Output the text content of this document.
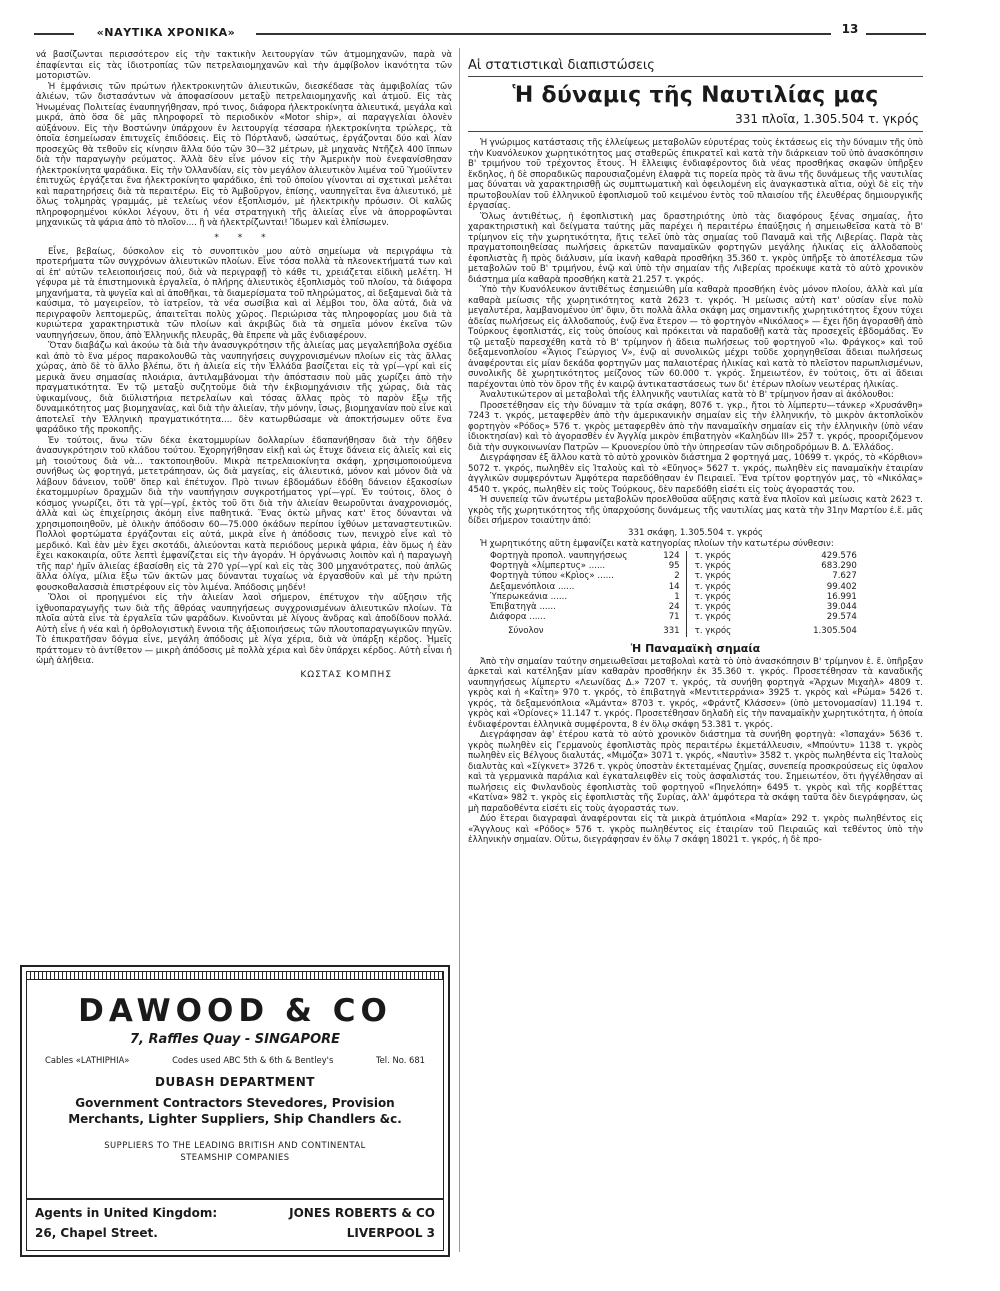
«ΝΑΥΤΙΚΑ ΧΡΟΝΙΚΑ»	13

νά βασίζωνται περισσότερον εἰς τὴν τακτικὴν λειτουργίαν τῶν ἀτμομηχανῶν, παρὰ νὰ ἐπαφίενται εἰς τὰς ἰδιοτροπίας τῶν πετρελαιομηχανῶν καὶ τὴν ἀμφίβολον ἱκανότητα τῶν μοτοριστῶν.

Ἡ ἐμφάνισις τῶν πρώτων ἠλεκτροκινητῶν ἁλιευτικῶν, διεσκέδασε τὰς ἀμφιβολίας τῶν ἁλιέων, τῶν διστασάντων νὰ ἀποφασίσουν μεταξὺ πετρελαιομηχανῆς καὶ ἀτμοῦ. Εἰς τὰς Ἡνωμένας Πολιτείας ἐναυπηγήθησαν, πρό τινος, διάφορα ἠλεκτροκίνητα ἁλιευτικά, μεγάλα καὶ μικρά, ἀπὸ ὅσα δὲ μᾶς πληροφορεῖ τὸ περιοδικὸν «Motor ship», αἱ παραγγελίαι ὁλονὲν αὐξάνουν. Εἰς τὴν Βοστώνην ὑπάρχουν ἐν λειτουργίᾳ τέσσαρα ἠλεκτροκίνητα τρώλερς, τὰ ὁποῖα ἐσημείωσαν ἐπιτυχεῖς ἐπιδόσεις. Εἰς τὸ Πόρτλανδ, ὡσαύτως, ἐργάζονται δύο καὶ λίαν προσεχῶς θὰ τεθοῦν εἰς κίνησιν ἄλλα δύο τῶν 30—32 μέτρων, μὲ μηχανὰς Ντῆζελ 400 ἵππων διὰ τὴν παραγωγὴν ρεύματος. Ἀλλὰ δὲν εἶνε μόνον εἰς τὴν Ἀμερικὴν ποὺ ἐνεφανίσθησαν ἠλεκτροκίνητα ψαράδικα. Εἰς τὴν Ὁλλανδίαν, εἰς τὸν μεγάλον ἁλιευτικὸν λιμένα τοῦ Ὑμούϊντεν ἐπιτυχῶς ἐργάζεται ἕνα ἠλεκτροκίνητο ψαράδικο, ἐπὶ τοῦ ὁποίου γίνονται αἱ σχετικαὶ μελέται καὶ παρατηρήσεις διὰ τὰ περαιτέρω. Εἰς τὸ Ἀμβοῦργον, ἐπίσης, ναυπηγεῖται ἕνα ἁλιευτικό, μὲ ὅλως τολμηρὰς γραμμάς, μὲ τελείως νέον ἐξοπλισμόν, μὲ ἠλεκτρικὴν πρόωσιν. Οἱ καλῶς πληροφορημένοι κύκλοι λέγουν, ὅτι ἡ νέα στρατηγικὴ τῆς ἁλιείας εἶνε νὰ ἀπορροφῶνται μηχανικῶς τὰ ψάρια ἀπὸ τὸ πλοῖον.... ἢ νὰ ἠλεκτρίζωνται! Ἴδωμεν καὶ ἐλπίσωμεν.

* * *

Εἶνε, βεβαίως, δύσκολον εἰς τὸ συνοπτικὸν μου αὐτὸ σημείωμα νὰ περιγράψω τὰ προτερήματα τῶν συγχρόνων ἁλιευτικῶν πλοίων. Εἶνε τόσα πολλὰ τὰ πλεονεκτήματά των καὶ αἱ ἐπ' αὐτῶν τελειοποιήσεις πού, διὰ νὰ περιγραφῇ τὸ κάθε τι, χρειάζεται εἰδικὴ μελέτη. Ἡ γέφυρα μὲ τὰ ἐπιστημονικὰ ἐργαλεῖα, ὁ πλήρης ἁλιευτικὸς ἐξοπλισμὸς τοῦ πλοίου, τὰ διάφορα μηχανήματα, τὰ ψυγεῖα καὶ αἱ ἀποθῆκαι, τὰ διαμερίσματα τοῦ πληρώματος, αἱ δεξαμεναὶ διὰ τὰ καύσιμα, τὸ μαγειρεῖον, τὸ ἰατρεῖον, τὰ νέα σωσίβια καὶ αἱ λέμβοι του, ὅλα αὐτά, διὰ νὰ περιγραφοῦν λεπτομερῶς, ἀπαιτεῖται πολὺς χῶρος. Περιώρισα τὰς πληροφορίας μου διὰ τὰ κυριώτερα χαρακτηριστικὰ τῶν πλοίων καὶ ἀκριβῶς διὰ τὰ σημεῖα μόνον ἐκεῖνα τῶν ναυπηγήσεων, ὅπου, ἀπὸ Ἑλληνικῆς πλευρᾶς, θὰ ἔπρεπε νὰ μᾶς ἐνδιαφέρουν.

Ὅταν διαβάζω καὶ ἀκούω τὰ διὰ τὴν ἀνασυγκρότησιν τῆς ἁλιείας μας μεγαλεπήβολα σχέδια καὶ ἀπὸ τὸ ἕνα μέρος παρακολουθῶ τὰς ναυπηγήσεις συγχρονισμένων πλοίων εἰς τὰς ἄλλας χώρας, ἀπὸ δὲ τὸ ἄλλο βλέπω, ὅτι ἡ ἁλιεία εἰς τὴν Ἑλλάδα βασίζεται εἰς τὰ γρί—γρί καὶ εἰς μερικὰ ἄνευ σημασίας πλοιάρια, ἀντιλαμβάνομαι τὴν ἀπόστασιν ποὺ μᾶς χωρίζει ἀπὸ τὴν πραγματικότητα. Ἐν τῷ μεταξὺ συζητοῦμε διὰ τὴν ἐκβιομηχάνισιν τῆς χώρας, διὰ τὰς ὑφικαμίνους, διὰ διϋλιστήρια πετρελαίων καὶ τόσας ἄλλας πρὸς τὸ παρὸν ἔξω τῆς δυναμικότητος μας βιομηχανίας, καὶ διὰ τὴν ἁλιείαν, τὴν μόνην, ἴσως, βιομηχανίαν ποὺ εἶνε καὶ ἀποτελεῖ τὴν Ἑλληνικὴ πραγματικότητα.... δὲν κατωρθώσαμε νὰ ἀποκτήσωμεν οὔτε ἕνα ψαράδικο τῆς προκοπῆς.

Ἐν τούτοις, ἄνω τῶν δέκα ἑκατομμυρίων δολλαρίων ἐδαπανήθησαν διὰ τὴν δῆθεν ἀνασυγκρότησιν τοῦ κλάδου τούτου. Ἐχορηγήθησαν εἰκῇ καὶ ὡς ἔτυχε δάνεια εἰς ἁλιεῖς καὶ εἰς μὴ τοιούτους διὰ νὰ... τακτοποιηθοῦν. Μικρὰ πετρελαιοκίνητα σκάφη, χρησιμοποιούμενα συνήθως ὡς φορτηγά, μετετράπησαν, ὡς διὰ μαγείας, εἰς ἁλιευτικά, μόνον καὶ μόνον διὰ νὰ λάβουν δάνειον, τοῦθ' ὅπερ καὶ ἐπέτυχον. Πρὸ τινων ἐβδομάδων ἐδόθη δάνειον ἑξακοσίων ἑκατομμυρίων δραχμῶν διὰ τὴν ναυπήγησιν συγκροτήματος γρί—γρί. Ἐν τούτοις, ὅλος ὁ κόσμος γνωρίζει, ὅτι τὰ γρί—γρί, ἐκτὸς τοῦ ὅτι διὰ τὴν ἁλιείαν θεωροῦνται ἀναχρονισμός, ἀλλὰ καὶ ὡς ἐπιχείρησις ἀκόμη εἶνε παθητικά. Ἕνας ὀκτὼ μῆνας κατ' ἔτος δύνανται νὰ χρησιμοποιηθοῦν, μὲ ὁλικὴν ἀπόδοσιν 60—75.000 ὀκάδων περίπου ἰχθύων μεταναστευτικῶν. Πολλοὶ φορτώματα ἐργάζονται εἰς αὐτά, μικρὰ εἶνε ἡ ἀπόδοσις των, πενιχρὸ εἶνε καὶ τὸ μερδικό. Καὶ ἐὰν μὲν ἔχει σκοτάδι, ἁλιεύονται κατὰ περιόδους μερικὰ ψάρια, ἐὰν ὅμως ἡ ἐὰν ἔχει κακοκαιρία, οὔτε λεπτὶ ἐμφανίζεται εἰς τὴν ἀγοράν. Ἡ ὀργάνωσις λοιπὸν καὶ ἡ παραγωγὴ τῆς παρ' ἡμῖν ἁλιείας ἐβασίσθη εἰς τὰ 270 γρί—γρί καὶ εἰς τὰς 300 μηχανότρατες, ποὺ ἀπλῶς ἄλλα ὀλίγα, μίλια ἔξω τῶν ἀκτῶν μας δύνανται τυχαίως νὰ ἐργασθοῦν καὶ μὲ τὴν πρώτη φουσκοθαλασσιὰ ἐπιστρέφουν εἰς τὸν λιμένα. Ἀπόδοσις μηδέν!

Ὅλοι οἱ προηγμένοι εἰς τὴν ἁλιείαν λαοὶ σήμερον, ἐπέτυχον τὴν αὔξησιν τῆς ἰχθυοπαραγωγῆς των διὰ τῆς ἄθρόας ναυπηγήσεως συγχρονισμένων ἁλιευτικῶν πλοίων. Τὰ πλοῖα αὐτὰ εἶνε τὰ ἐργαλεῖα τῶν ψαράδων. Κινοῦνται μὲ λίγους ἄνδρας καὶ ἀποδίδουν πολλά. Αὐτὴ εἶνε ἡ νέα καὶ ἡ ὀρθολογιστικὴ ἔννοια τῆς ἀξιοποιήσεως τῶν πλουτοπαραγωγικῶν πηγῶν. Τὸ ἐπικρατῆσαν δόγμα εἶνε, μεγάλη ἀπόδοσις μὲ λίγα χέρια, διὰ νὰ ὑπάρξη κέρδος. Ἡμεῖς πράττομεν τὸ ἀντίθετον — μικρὴ ἀπόδοσις μὲ πολλὰ χέρια καὶ δὲν ὑπάρχει κέρδος. Αὐτὴ εἶναι ἡ ὠμὴ ἀλήθεια.

ΚΩΣΤΑΣ ΚΟΜΠΗΣ
DAWOOD & CO
7, Raffles Quay - SINGAPORE
Cables «LATHIPHIA»	Codes used ABC 5th & 6th & Bentley's	Tel. No. 681
DUBASH DEPARTMENT
Government Contractors Stevedores, Provision
Merchants, Lighter Suppliers, Ship Chandlers &c.
SUPPLIERS TO THE LEADING BRITISH AND CONTINENTAL
STEAMSHIP COMPANIES
Agents in United Kingdom:	JONES ROBERTS & CO
26, Chapel Street.	LIVERPOOL 3
Αἱ στατιστικαὶ διαπιστώσεις
Ἡ δύναμις τῆς Ναυτιλίας μας
331 πλοῖα, 1.305.504 τ. γκρός

Ἡ γνώριμος κατάστασις τῆς ἐλλείψεως μεταβολῶν εὐρυτέρας τοὺς ἐκτάσεως εἰς τὴν δύναμιν τῆς ὑπὸ τὴν Κυανόλευκον χωρητικότητος μας σταθερῶς ἐπικρατεῖ καὶ κατὰ τὴν διάρκειαν τοῦ ὑπὸ ἀνασκόπησιν Β' τριμήνου τοῦ τρέχοντος ἔτους. Ἡ ἔλλειψις ἐνδιαφέροντος διὰ νέας προσθήκας σκαφῶν ὑπῆρξεν ἔκδηλος, ἡ δὲ σποραδικῶς παρουσιαζομένη ἐλαφρὰ τις πορεία πρὸς τὰ ἄνω τῆς δυνάμεως τῆς ναυτιλίας μας δύναται νὰ χαρακτηρισθῇ ὡς συμπτωματικὴ καὶ ὀφειλομένη εἰς ἀναγκαστικὰ αἴτια, οὐχὶ δὲ εἰς τὴν πρωτοβουλίαν τοῦ ἑλληνικοῦ ἐφοπλισμοῦ τοῦ κειμένου ἐντὸς τοῦ πλαισίου τῆς ἐλευθέρας δημιουργικῆς ἐργασίας.

Ὅλως ἀντιθέτως, ἡ ἐφοπλιστικὴ μας δραστηριότης ὑπὸ τὰς διαφόρους ξένας σημαίας, ἧτο χαρακτηριστικὴ καὶ δείγματα ταύτης μᾶς παρέχει ἡ περαιτέρω ἐπαύξησις ἡ σημειωθεῖσα κατὰ τὸ Β' τρίμηνον εἰς τὴν χωρητικότητα, ἥτις τελεῖ ὑπὸ τὰς σημαίας τοῦ Παναμᾶ καὶ τῆς Λιβερίας. Παρὰ τὰς πραγματοποιηθείσας πωλήσεις ἀρκετῶν παναμαϊκῶν φορτηγῶν μεγάλης ἡλικίας εἰς ἀλλοδαποὺς ἐφοπλιστὰς ἢ πρὸς διάλυσιν, μία ἱκανὴ καθαρὰ προσθήκη 35.360 τ. γκρὸς ὑπῆρξε τὸ ἀποτέλεσμα τῶν μεταβολῶν τοῦ Β' τριμήνου, ἐνῷ καὶ ὑπὸ τὴν σημαίαν τῆς Λιβερίας προέκυψε κατὰ τὸ αὐτὸ χρονικὸν διάστημα μία καθαρὰ προσθήκη κατὰ 21.257 τ. γκρός.

Ὑπὸ τὴν Κυανόλευκον ἀντιθέτως ἐσημειώθη μία καθαρὰ προσθήκη ἑνὸς μόνον πλοίου, ἀλλὰ καὶ μία καθαρὰ μείωσις τῆς χωρητικότητος κατὰ 2623 τ. γκρός. Ἡ μείωσις αὐτὴ κατ' οὐσίαν εἶνε πολὺ μεγαλυτέρα, λαμβανομένου ὑπ' ὄψιν, ὅτι πολλὰ ἄλλα σκάφη μας σημαντικῆς χωρητικότητος ἔχουν τύχει ἀδείας πωλήσεως εἰς ἀλλοδαπούς, ἐνῷ ἕνα ἕτερον — τὸ φορτηγὸν «Νικόλαος» — ἔχει ἤδη ἀγορασθῆ ἀπὸ Τούρκους ἐφοπλιστάς, εἰς τοὺς ὁποίους καὶ πρόκειται νὰ παραδοθῇ κατὰ τὰς προσεχεῖς ἑβδομάδας. Ἐν τῷ μεταξὺ παρεσχέθη κατὰ τὸ Β' τρίμηνον ἡ ἄδεια πωλήσεως τοῦ φορτηγοῦ «Ἰω. Φράγκος» καὶ τοῦ δεξαμενοπλοίου «Ἅγιος Γεώργιος V», ἐνῷ αἱ συνολικῶς μέχρι τοῦδε χορηγηθεῖσαι ἄδειαι πωλήσεως ἀναφέρονται εἰς μίαν δεκάδα φορτηγῶν μας παλαιοτέρας ἡλικίας καὶ κατὰ τὸ πλεῖστον παρωπλισμένων, συνολικῆς δὲ χωρητικότητος μείζονος τῶν 60.000 τ. γκρός. Σημειωτέον, ἐν τούτοις, ὅτι αἱ ἄδειαι παρέχονται ὑπὸ τὸν ὅρον τῆς ἐν καιρῷ ἀντικαταστάσεως των δι' ἑτέρων πλοίων νεωτέρας ἡλικίας.

Ἀναλυτικώτερον αἱ μεταβολαὶ τῆς ἑλληνικῆς ναυτιλίας κατὰ τὸ Β' τρίμηνον ἦσαν αἱ ἀκόλουθοι:

Προσετέθησαν εἰς τὴν δύναμιν τὰ τρία σκάφη, 8076 τ. γκρ., ἤτοι τὸ λίμπερτυ—τάνκερ «Χρυσάνθη» 7243 τ. γκρός, μεταφερθὲν ἀπὸ τὴν ἀμερικανικὴν σημαίαν εἰς τὴν ἑλληνικήν, τὸ μικρὸν ἀκτοπλοϊκὸν φορτηγὸν «Ρόδος» 576 τ. γκρὸς μεταφερθὲν ἀπὸ τὴν παναμαϊκὴν σημαίαν εἰς τὴν ἑλληνικὴν (ὑπὸ νέαν ἰδιοκτησίαν) καὶ τὸ ἀγορασθὲν ἐν Ἀγγλίᾳ μικρὸν ἐπιβατηγὸν «Καληδὼν ΙΙΙ» 257 τ. γκρός, προοριζόμενον διὰ τὴν συγκοινωνίαν Πατρῶν — Κρυονερίου ὑπὸ τὴν ὑπηρεσίαν τῶν σιδηροδρόμων Β. Δ. Ἑλλάδος.

Διεγράφησαν ἐξ ἄλλου κατὰ τὸ αὐτὸ χρονικὸν διάστημα 2 φορτηγά μας, 10699 τ. γκρός, τὸ «Κόρθιον» 5072 τ. γκρός, πωληθὲν εἰς Ἰταλοὺς καὶ τὸ «Εὔηνος» 5627 τ. γκρός, πωληθὲν εἰς παναμαϊκὴν ἑταιρίαν ἀγγλικῶν συμφερόντων Ἀμφότερα παρεδόθησαν ἐν Πειραιεῖ. Ἕνα τρίτον φορτηγόν μας, τὸ «Νικόλας» 4540 τ. γκρός, πωληθὲν εἰς τοὺς Τούρκους, δὲν παρεδόθη εἰσέτι εἰς τοὺς ἀγοραστάς του.

Ἡ συνεπείᾳ τῶν ἀνωτέρω μεταβολῶν προελθοῦσα αὔξησις κατὰ ἕνα πλοῖον καὶ μείωσις κατὰ 2623 τ. γκρὸς τῆς χωρητικότητος τῆς ὑπαρχούσης δυνάμεως τῆς ναυτιλίας μας κατὰ τὴν 31ην Μαρτίου ἐ.ἔ. μᾶς δίδει σήμερον τοιαύτην ἀπό:

331 σκάφη, 1.305.504 τ. γκρός

Ἡ χωρητικότης αὕτη ἐμφανίζει κατὰ κατηγορίας πλοίων τὴν κατωτέρω σύνθεσιν:

Φορτηγὰ προπολ. ναυπηγήσεως	124	τ. γκρός	429.576	
Φορτηγὰ «λίμπερτυς» ......	95	τ. γκρός	683.290	
Φορτηγὰ τύπου «Κρὶος» ......	2	τ. γκρός	7.627	
Δεξαμενόπλοια ......	14	τ. γκρός	99.402	
Ὑπερωκεάνια ......	1	τ. γκρός	16.991	
Ἐπιβατηγὰ ......	24	τ. γκρός	39.044	
Διάφορα ......	71	τ. γκρός	29.574	
Σύνολον	331	τ. γκρός	1.305.504	
Ἡ Παναμαϊκὴ σημαία

Ἀπὸ τὴν σημαίαν ταύτην σημειωθεῖσαι μεταβολαὶ κατὰ τὸ ὑπὸ ἀνασκόπησιν Β' τρίμηνον ἐ. ἔ. ὑπῆρξαν ἀρκεταὶ καὶ κατέληξαν μίαν καθαρὰν προσθήκην ἐκ 35.360 τ. γκρός. Προσετέθησαν τὰ καναδικῆς ναυπηγήσεως λίμπερτυ «Λεωνίδας Δ.» 7207 τ. γκρός, τὰ συνήθη φορτηγὰ «Ἄρχων Μιχαὴλ» 4809 τ. γκρὸς καὶ ἡ «Καΐτη» 970 τ. γκρός, τὸ ἐπιβατηγὰ «Μεντιτερράνια» 3925 τ. γκρὸς καὶ «Ρώμα» 5426 τ. γκρός, τὰ δεξαμενόπλοια «Ἀμάντα» 8703 τ. γκρός, «Φράντζ Κλάσσεν» (ὑπὸ μετονομασίαν) 11.194 τ. γκρὸς καὶ «Ὁρίονες» 11.147 τ. γκρός. Προσετέθησαν δηλαδὴ εἰς τὴν παναμαϊκὴν χωρητικότητα, ἡ ὁποία ἐνδιαφέρονται ἑλληνικὰ συμφέροντα, 8 ἐν ὅλῳ σκάφη 53.381 τ. γκρός.

Διεγράφησαν ἀφ' ἑτέρου κατὰ τὸ αὐτὸ χρονικὸν διάστημα τὰ συνήθη φορτηγὰ: «Ἰσπαχάν» 5636 τ. γκρὸς πωληθὲν εἰς Γερμανοὺς ἐφοπλιστὰς πρὸς περαιτέρω ἐκμετάλλευσιν, «Μπούντυ» 1138 τ. γκρὸς πωληθὲν εἰς Βέλγους διαλυτάς, «Μιμόζα» 3071 τ. γκρός, «Ναυτὶν» 3582 τ. γκρὸς πωληθέντα εἰς Ἰταλοὺς διαλυτὰς καὶ «Σίγκνετ» 3726 τ. γκρὸς ὑποστὰν ἐκτεταμένας ζημίας, συνεπείᾳ προσκρούσεως εἰς ὑφαλον καὶ τὰ γερμανικὰ παράλια καὶ ἐγκαταλειφθὲν εἰς τοὺς ἀσφαλιστάς του. Σημειωτέον, ὅτι ἠγγέλθησαν αἱ πωλήσεις εἰς Φινλανδοὺς ἐφοπλιστὰς τοῦ φορτηγοῦ «Πηνελόπη» 6495 τ. γκρὸς καὶ τῆς κορβέττας «Κατίνα» 982 τ. γκρὸς εἰς ἐφοπλιστὰς τῆς Συρίας, ἀλλ' ἀμφότερα τὰ σκάφη ταῦτα δὲν διεγράφησαν, ὡς μὴ παραδοθέντα εἰσέτι εἰς τοὺς ἀγοραστάς των.

Δύο ἕτεραι διαγραφαὶ ἀναφέρονται εἰς τὰ μικρὰ ἀτμόπλοια «Μαρία» 292 τ. γκρὸς πωληθέντος εἰς «Ἄγγλους καὶ «Ρόδος» 576 τ. γκρὸς πωληθέντος εἰς ἑταιρίαν τοῦ Πειραιῶς καὶ τεθέντος ὑπὸ τὴν ἑλληνικὴν σημαίαν. Οὕτω, διεγράφησαν ἐν ὅλῳ 7 σκάφη 18021 τ. γκρός, ἡ δὲ προ-
